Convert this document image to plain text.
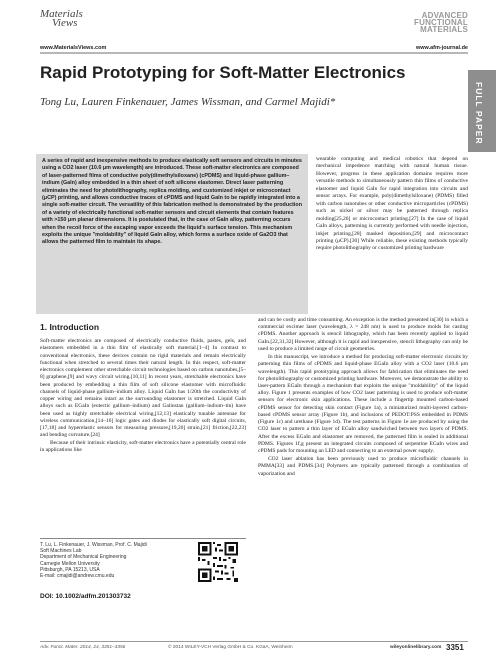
Materials
Views
www.MaterialsViews.com
ADVANCED
FUNCTIONAL
MATERIALS
www.afm-journal.de
FULL PAPER
Rapid Prototyping for Soft-Matter Electronics
Tong Lu, Lauren Finkenauer, James Wissman, and Carmel Majidi*

A series of rapid and inexpensive methods to produce elastically soft sensors and circuits in minutes using a CO2 laser (10.6 μm wavelength) are introduced. These soft-matter electronics are composed of laser-patterned films of conductive poly(dimethylsiloxane) (cPDMS) and liquid-phase gallium–indium (GaIn) alloy embedded in a thin sheet of soft silicone elastomer. Direct laser patterning eliminates the need for photolithography, replica molding, and customized inkjet or microcontact (μCP) printing, and allows conductive traces of cPDMS and liquid GaIn to be rapidly integrated into a single soft-matter circuit. The versatility of this fabrication method is demonstrated by the production of a variety of electrically functional soft-matter sensors and circuit elements that contain features with >150 μm planar dimensions. It is postulated that, in the case of GaIn alloy, patterning occurs when the recoil force of the escaping vapor exceeds the liquid's surface tension. This mechanism exploits the unique "moldability" of liquid GaIn alloy, which forms a surface oxide of Ga2O3 that allows the patterned film to maintain its shape.

wearable computing and medical robotics that depend on mechanical impedence matching with natural human tissue. However, progress in these application domains requires more versatile methods to simultaneously pattern thin films of conductive elastomer and liquid GaIn for rapid integration into circuits and sensor arrays. For example, poly(dimethylsiloxane) (PDMS) filled with carbon nanotubes or other conductive microparticles (cPDMS) such as nickel or silver may be patterned through replica molding[25,26] or microcontact printing.[27] In the case of liquid GaIn alloys, patterning is currently performed with needle injection, inkjet printing,[28] masked deposition,[29] and microcontact printing (μCP).[30] While reliable, these existing methods typically require photolithography or customized printing hardware

1. Introduction

Soft-matter electronics are composed of electrically conductive fluids, pastes, gels, and elastomers embedded in a thin film of elastically soft material.[1–4] In contrast to conventional electronics, these devices contain no rigid materials and remain electrically functional when stretched to several times their natural length. In this respect, soft-matter electronics complement other stretchable circuit technologies based on carbon nanotubes,[5–8] graphene,[9] and wavy circuit wiring.[10,11] In recent years, stretchable electronics have been produced by embedding a thin film of soft silicone elastomer with microfluidic channels of liquid-phase gallium–indium alloy. Liquid GaIn has 1/20th the conductivity of copper wiring and remains intact as the surrounding elastomer is stretched. Liquid GaIn alloys such as EGaIn (eutectic gallium–indium) and Galinstan (gallium–indium–tin) have been used as highly stretchable electrical wiring,[12,13] elastically tunable antennae for wireless communication,[14–16] logic gates and diodes for elastically soft digital circuits,[17,18] and hyperelastic sensors for measuring pressure,[19,20] strain,[21] friction,[22,23] and bending curvature.[24]

Because of their intrinsic elasticity, soft-matter electronics have a potentially central role in applications like

and can be costly and time consuming. An exception is the method presented in[30] in which a commercial excimer laser (wavelength, λ = 248 nm) is used to produce molds for casting cPDMS. Another approach is stencil lithography, which has been recently applied to liquid GaIn.[22,31,32] However, although it is rapid and inexpensive, stencil lithography can only be used to produce a limited range of circuit geometries.

In this manuscript, we introduce a method for producing soft-matter electronic circuits by patterning thin films of cPDMS and liquid-phase EGaIn alloy with a CO2 laser (10.6 μm wavelength). This rapid prototyping approach allows for fabrication that eliminates the need for photolithography or customized printing hardware. Moreover, we demonstrate the ability to laser-pattern EGaIn through a mechanism that exploits the unique "moldability" of the liquid alloy. Figure 1 presents examples of how CO2 laser patterning is used to produce soft-matter sensors for electronic skin applications. These include a fingertip mounted carbon-based cPDMS sensor for detecting skin contact (Figure 1a), a miniaturized multi-layered carbon-based cPDMS sensor array (Figure 1b), and inclusions of PEDOT:PSS embedded in PDMS (Figure 1c) and urethane (Figure 1d). The test patterns in Figure 1e are produced by using the CO2 laser to pattern a thin layer of EGaIn alloy sandwiched between two layers of PDMS. After the excess EGaIn and elastomer are removed, the patterned film is sealed in additional PDMS. Figures 1f,g present an integrated circuits composed of serpentine EGaIn wires and cPDMS pads for mounting an LED and connecting to an external power supply.

CO2 laser ablation has been previously used to produce microfluidic channels in PMMA[33] and PDMS.[34] Polymers are typically patterned through a combination of vaporization and

T. Lu, L. Finkenauer, J. Wissman, Prof. C. Majidi
Soft Machines Lab
Department of Mechanical Engineering
Carnegie Mellon University
Pittsburgh, PA 15213, USA
E-mail: cmajidi@andrew.cmu.edu
DOI: 10.1002/adfm.201303732
Adv. Funct. Mater. 2014, 24, 3351–3356	© 2014 WILEY-VCH Verlag GmbH & Co. KGaA, Weinheim	wileyonlinelibrary.com 3351
